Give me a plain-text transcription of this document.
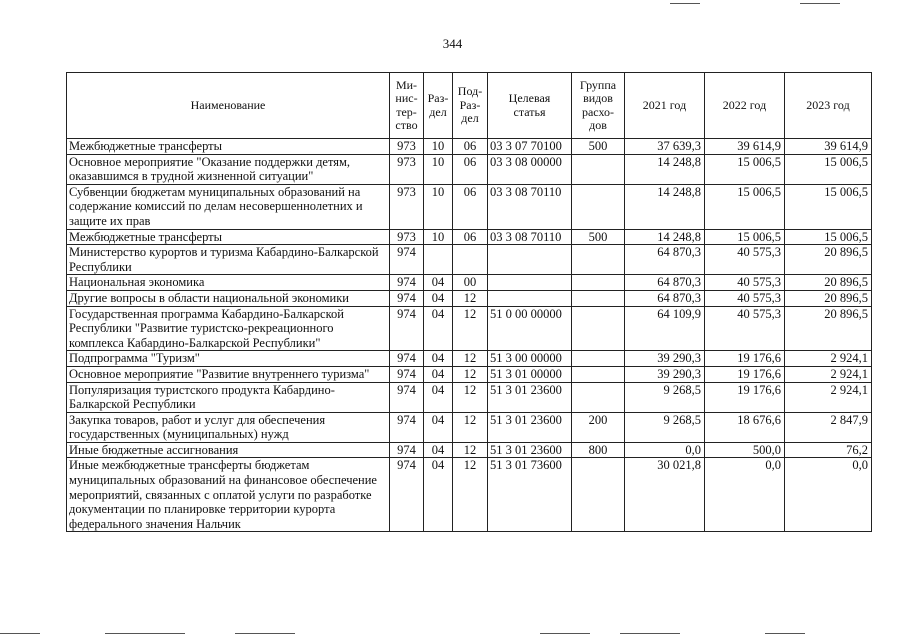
344
Наименование	Ми-
нис-
тер-
ство	Раз-
дел	Под-
Раз-
дел	Целевая
статья	Группа
видов
расхо-
дов	2021 год	2022 год	2023 год
Межбюджетные трансферты	973	10	06	03 3 07 70100	500	37 639,3	39 614,9	39 614,9
Основное мероприятие "Оказание поддержки детям, оказавшимся в трудной жизненной ситуации"	973	10	06	03 3 08 00000		14 248,8	15 006,5	15 006,5
Субвенции бюджетам муниципальных образований на содержание комиссий по делам несовершеннолетних и защите их прав	973	10	06	03 3 08 70110		14 248,8	15 006,5	15 006,5
Межбюджетные трансферты	973	10	06	03 3 08 70110	500	14 248,8	15 006,5	15 006,5
Министерство курортов и туризма Кабардино-Балкарской Республики	974					64 870,3	40 575,3	20 896,5
Национальная экономика	974	04	00			64 870,3	40 575,3	20 896,5
Другие вопросы в области национальной экономики	974	04	12			64 870,3	40 575,3	20 896,5
Государственная программа Кабардино-Балкарской Республики "Развитие туристско-рекреационного комплекса Кабардино-Балкарской Республики"	974	04	12	51 0 00 00000		64 109,9	40 575,3	20 896,5
Подпрограмма "Туризм"	974	04	12	51 3 00 00000		39 290,3	19 176,6	2 924,1
Основное мероприятие "Развитие внутреннего туризма"	974	04	12	51 3 01 00000		39 290,3	19 176,6	2 924,1
Популяризация туристского продукта Кабардино-Балкарской Республики	974	04	12	51 3 01 23600		9 268,5	19 176,6	2 924,1
Закупка товаров, работ и услуг для обеспечения государственных (муниципальных) нужд	974	04	12	51 3 01 23600	200	9 268,5	18 676,6	2 847,9
Иные бюджетные ассигнования	974	04	12	51 3 01 23600	800	0,0	500,0	76,2
Иные межбюджетные трансферты бюджетам муниципальных образований на финансовое обеспечение мероприятий, связанных с оплатой услуги по разработке документации по планировке территории курорта федерального значения Нальчик	974	04	12	51 3 01 73600		30 021,8	0,0	0,0
